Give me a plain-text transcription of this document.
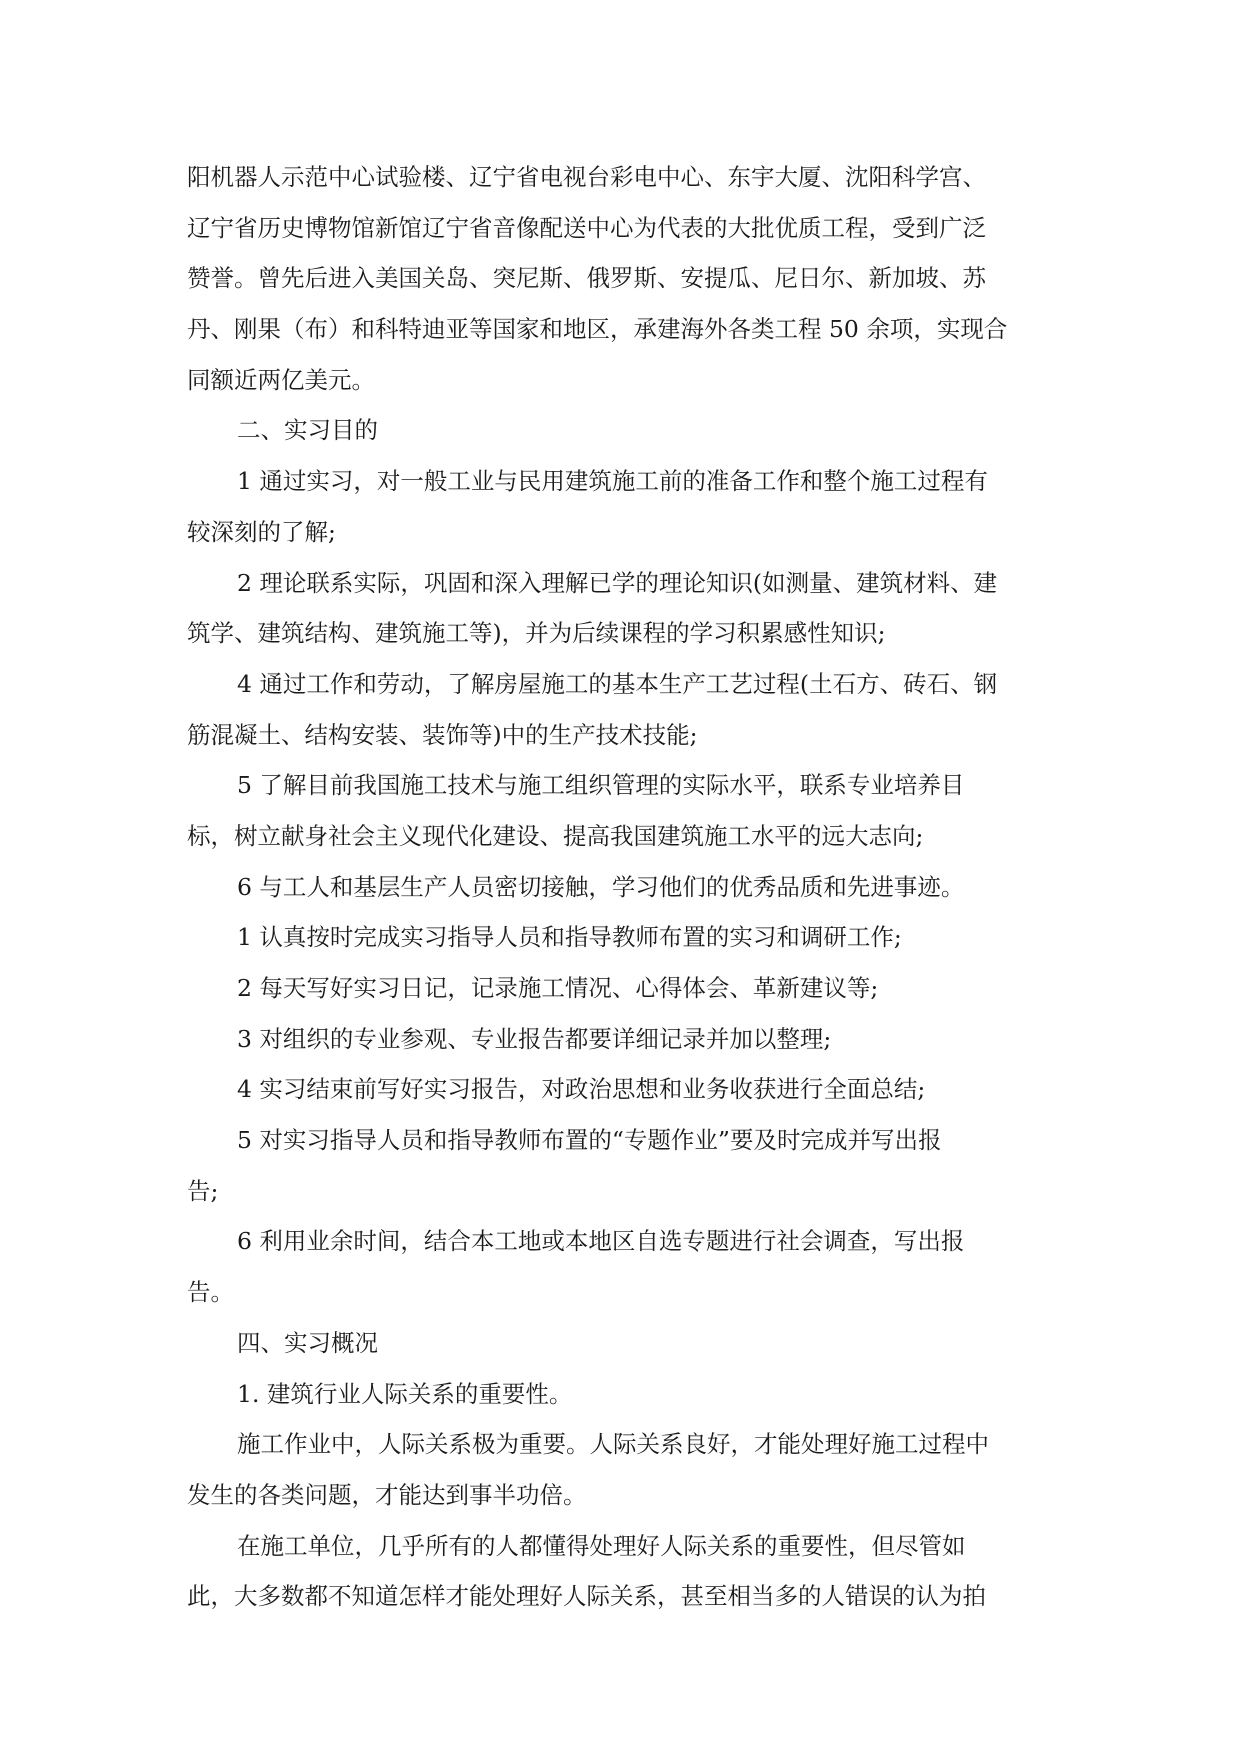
阳机器人示范中心试验楼、辽宁省电视台彩电中心、东宇大厦、沈阳科学宫、
辽宁省历史博物馆新馆辽宁省音像配送中心为代表的大批优质工程，受到广泛
赞誉。曾先后进入美国关岛、突尼斯、俄罗斯、安提瓜、尼日尔、新加坡、苏
丹、刚果（布）和科特迪亚等国家和地区，承建海外各类工程 50 余项，实现合
同额近两亿美元。
二、实习目的
1 通过实习，对一般工业与民用建筑施工前的准备工作和整个施工过程有
较深刻的了解;
2 理论联系实际，巩固和深入理解已学的理论知识(如测量、建筑材料、建
筑学、建筑结构、建筑施工等)，并为后续课程的学习积累感性知识;
4 通过工作和劳动，了解房屋施工的基本生产工艺过程(土石方、砖石、钢
筋混凝土、结构安装、装饰等)中的生产技术技能;
5 了解目前我国施工技术与施工组织管理的实际水平，联系专业培养目
标，树立献身社会主义现代化建设、提高我国建筑施工水平的远大志向;
6 与工人和基层生产人员密切接触，学习他们的优秀品质和先进事迹。
1 认真按时完成实习指导人员和指导教师布置的实习和调研工作;
2 每天写好实习日记，记录施工情况、心得体会、革新建议等;
3 对组织的专业参观、专业报告都要详细记录并加以整理;
4 实习结束前写好实习报告，对政治思想和业务收获进行全面总结;
5 对实习指导人员和指导教师布置的“专题作业”要及时完成并写出报
告;
6 利用业余时间，结合本工地或本地区自选专题进行社会调查，写出报
告。
四、实习概况
1. 建筑行业人际关系的重要性。
施工作业中，人际关系极为重要。人际关系良好，才能处理好施工过程中
发生的各类问题，才能达到事半功倍。
在施工单位，几乎所有的人都懂得处理好人际关系的重要性，但尽管如
此，大多数都不知道怎样才能处理好人际关系，甚至相当多的人错误的认为拍
